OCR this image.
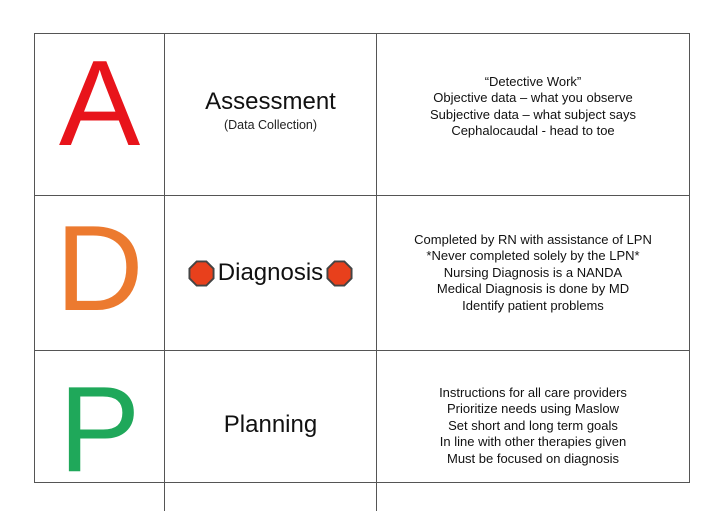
A	Assessment
(Data Collection)
“Detective Work”
Objective data – what you observe
Subjective data – what subject says
Cephalocaudal - head to toe
D	Diagnosis
Completed by RN with assistance of LPN
*Never completed solely by the LPN*
Nursing Diagnosis is a NANDA
Medical Diagnosis is done by MD
Identify patient problems
P	Planning
Instructions for all care providers
Prioritize needs using Maslow
Set short and long term goals
In line with other therapies given
Must be focused on diagnosis
